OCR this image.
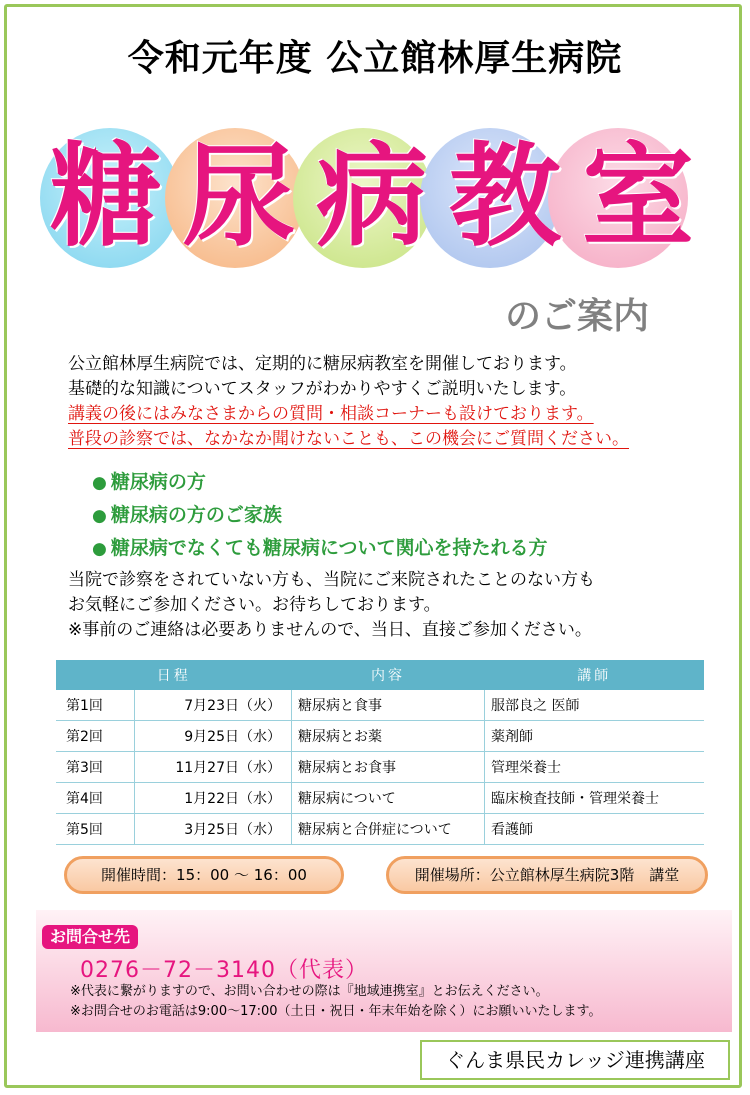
令和元年度 公立館林厚生病院
糖 尿 病 教 室
のご案内
公立館林厚生病院では、定期的に糖尿病教室を開催しております。
基礎的な知識についてスタッフがわかりやすくご説明いたします。
講義の後にはみなさまからの質問・相談コーナーも設けております。
普段の診察では、なかなか聞けないことも、この機会にご質問ください。
● 糖尿病の方
● 糖尿病の方のご家族
● 糖尿病でなくても糖尿病について関心を持たれる方
当院で診察をされていない方も、当院にご来院されたことのない方も
お気軽にご参加ください。お待ちしております。
※事前のご連絡は必要ありませんので、当日、直接ご参加ください。
日程		内容	講師
第1回	7月23日（火）	糖尿病と食事	服部良之 医師
第2回	9月25日（水）	糖尿病とお薬	薬剤師
第3回	11月27日（水）	糖尿病とお食事	管理栄養士
第4回	1月22日（水）	糖尿病について	臨床検査技師・管理栄養士
第5回	3月25日（水）	糖尿病と合併症について	看護師
開催時間：15：00 ～ 16：00	開催場所：公立館林厚生病院3階　講堂
お問合せ先
0276－72－3140（代表）
※代表に繋がりますので、お問い合わせの際は『地域連携室』とお伝えください。
※お問合せのお電話は9:00～17:00（土日・祝日・年末年始を除く）にお願いいたします。
ぐんま県民カレッジ連携講座
